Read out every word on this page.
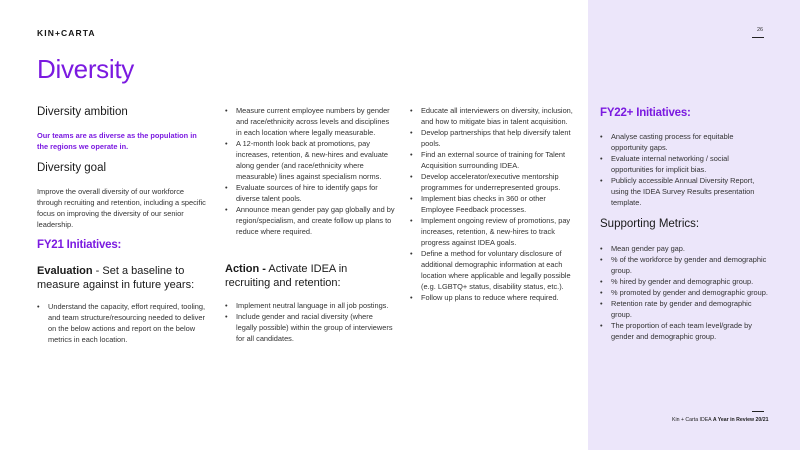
KIN+CARTA	26
Diversity
Diversity ambition
Our teams are as diverse as the population in the regions we operate in.
Diversity goal
Improve the overall diversity of our workforce through recruiting and retention, including a specific focus on improving the diversity of our senior leadership.
FY21 Initiatives:
Evaluation - Set a baseline to measure against in future years:
• Understand the capacity, effort required, tooling, and team structure/resourcing needed to deliver on the below actions and report on the below metrics in each location.
• Measure current employee numbers by gender and race/ethnicity across levels and disciplines in each location where legally measurable.
• A 12-month look back at promotions, pay increases, retention, & new-hires and evaluate along gender (and race/ethnicity where measurable) lines against specialism norms.
• Evaluate sources of hire to identify gaps for diverse talent pools.
• Announce mean gender pay gap globally and by region/specialism, and create follow up plans to reduce where required.
Action - Activate IDEA in recruiting and retention:
• Implement neutral language in all job postings.
• Include gender and racial diversity (where legally possible) within the group of interviewers for all candidates.
• Educate all interviewers on diversity, inclusion, and how to mitigate bias in talent acquisition.
• Develop partnerships that help diversify talent pools.
• Find an external source of training for Talent Acquisition surrounding IDEA.
• Develop accelerator/executive mentorship programmes for underrepresented groups.
• Implement bias checks in 360 or other Employee Feedback processes.
• Implement ongoing review of promotions, pay increases, retention, & new-hires to track progress against IDEA goals.
• Define a method for voluntary disclosure of additional demographic information at each location where applicable and legally possible (e.g. LGBTQ+ status, disability status, etc.).
• Follow up plans to reduce where required.
FY22+ Initiatives:
• Analyse casting process for equitable opportunity gaps.
• Evaluate internal networking / social opportunities for implicit bias.
• Publicly accessible Annual Diversity Report, using the IDEA Survey Results presentation template.
Supporting Metrics:
• Mean gender pay gap.
• % of the workforce by gender and demographic group.
• % hired by gender and demographic group.
• % promoted by gender and demographic group.
• Retention rate by gender and demographic group.
• The proportion of each team level/grade by gender and demographic group.
Kin + Carta IDEA A Year in Review 20/21
